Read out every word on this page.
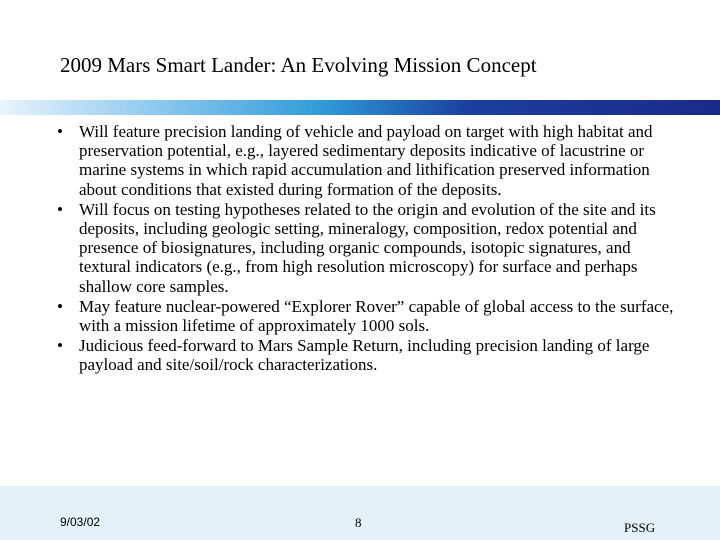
2009 Mars Smart Lander: An Evolving Mission Concept
• Will feature precision landing of vehicle and payload on target with high habitat and preservation potential, e.g., layered sedimentary deposits indicative of lacustrine or marine systems in which rapid accumulation and lithification preserved information about conditions that existed during formation of the deposits.
• Will focus on testing hypotheses related to the origin and evolution of the site and its deposits, including geologic setting, mineralogy, composition, redox potential and presence of biosignatures, including organic compounds, isotopic signatures, and textural indicators (e.g., from high resolution microscopy) for surface and perhaps shallow core samples.
• May feature nuclear-powered “Explorer Rover” capable of global access to the surface, with a mission lifetime of approximately 1000 sols.
• Judicious feed-forward to Mars Sample Return, including precision landing of large payload and site/soil/rock characterizations.
9/03/02	8	PSSG
